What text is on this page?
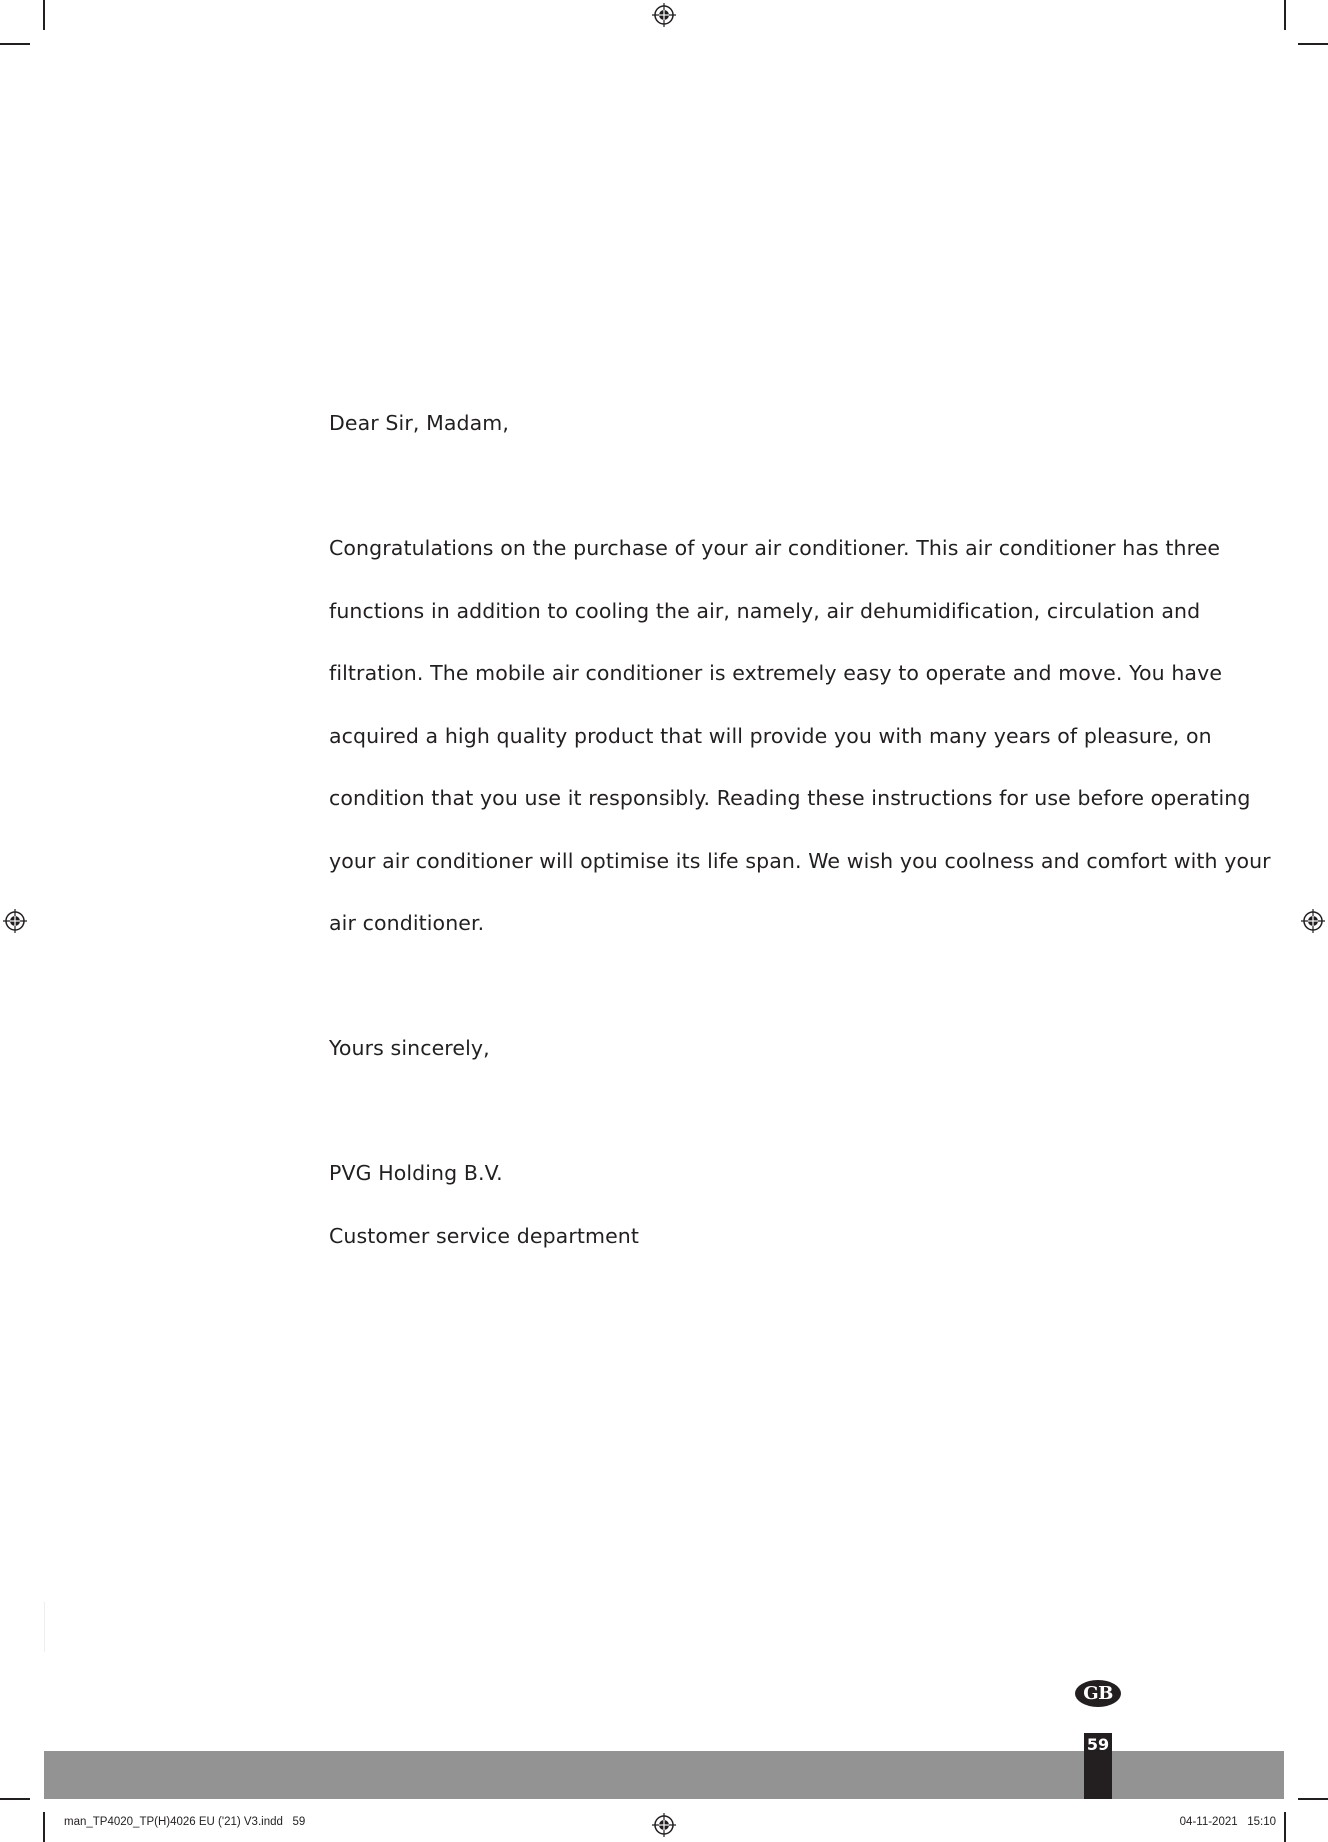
Dear Sir, Madam,
Congratulations on the purchase of your air conditioner. This air conditioner has three
functions in addition to cooling the air, namely, air dehumidification, circulation and
filtration. The mobile air conditioner is extremely easy to operate and move. You have
acquired a high quality product that will provide you with many years of pleasure, on
condition that you use it responsibly. Reading these instructions for use before operating
your air conditioner will optimise its life span. We wish you coolness and comfort with your
air conditioner.
Yours sincerely,
PVG Holding B.V.
Customer service department
GB
59
man_TP4020_TP(H)4026 EU ('21) V3.indd   59	04-11-2021   15:10
